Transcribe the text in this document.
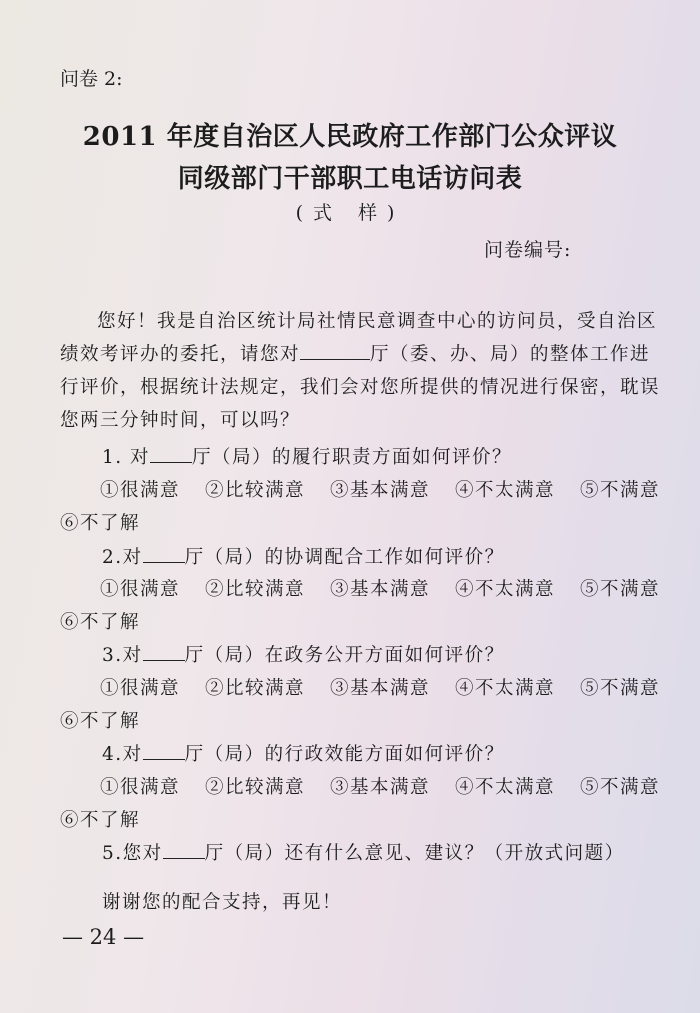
问卷 2:
2011 年度自治区人民政府工作部门公众评议
同级部门干部职工电话访问表
(式 样)
问卷编号:
您好！我是自治区统计局社情民意调查中心的访问员，受自治区绩效考评办的委托，请您对	厅（委、办、局）的整体工作进行评价，根据统计法规定，我们会对您所提供的情况进行保密，耽误您两三分钟时间，可以吗？
1. 对 厅（局）的履行职责方面如何评价？
①很满意 ②比较满意 ③基本满意 ④不太满意 ⑤不满意
⑥不了解
2.对 厅（局）的协调配合工作如何评价？
①很满意 ②比较满意 ③基本满意 ④不太满意 ⑤不满意
⑥不了解
3.对 厅（局）在政务公开方面如何评价？
①很满意 ②比较满意 ③基本满意 ④不太满意 ⑤不满意
⑥不了解
4.对 厅（局）的行政效能方面如何评价？
①很满意 ②比较满意 ③基本满意 ④不太满意 ⑤不满意
⑥不了解
5.您对 厅（局）还有什么意见、建议？（开放式问题）
谢谢您的配合支持，再见！
— 24 —
